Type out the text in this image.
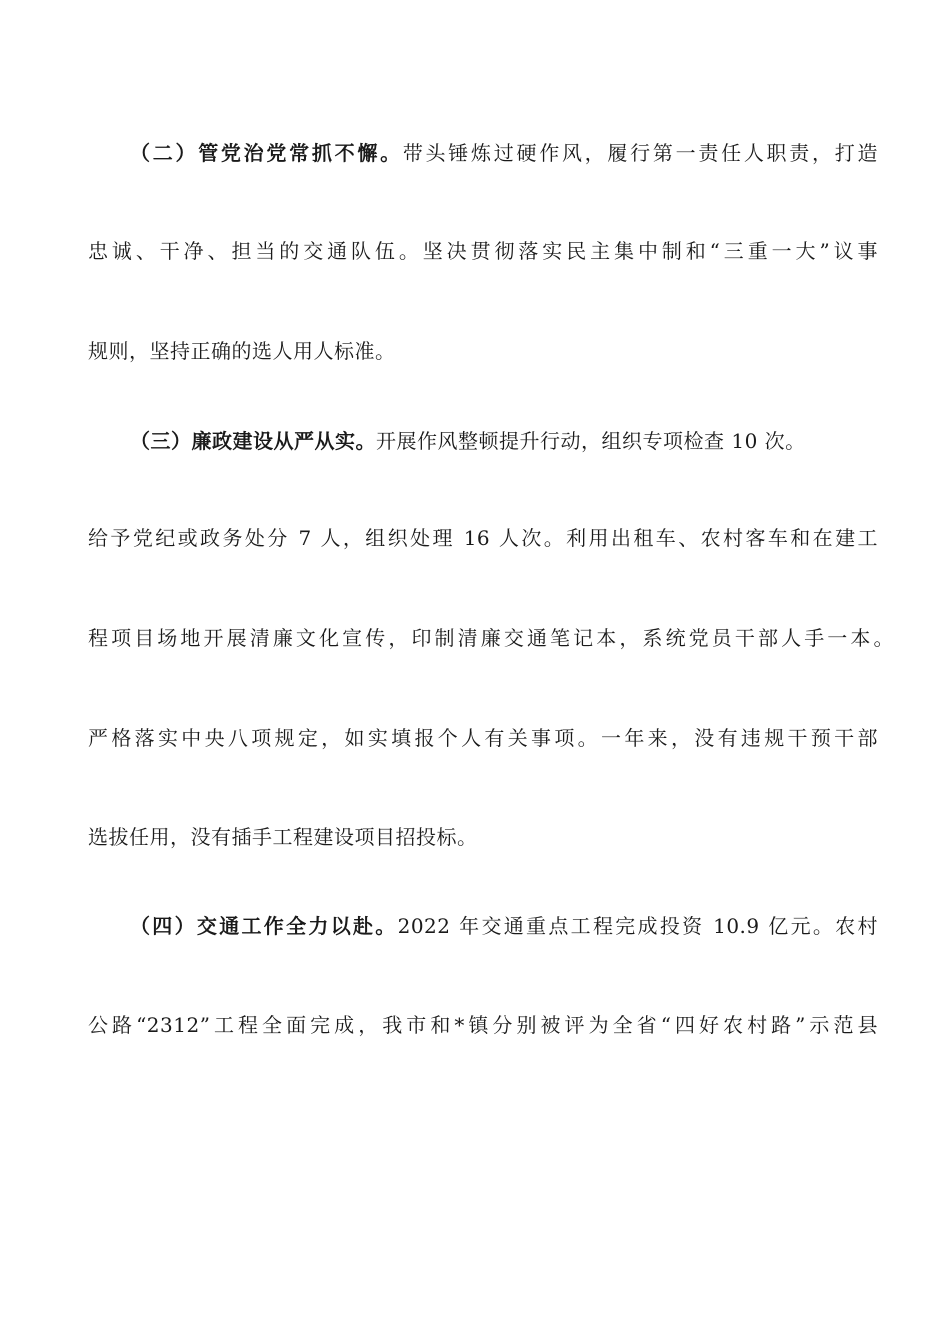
（二）管党治党常抓不懈。带头锤炼过硬作风，履行第一责任人职责，打造
忠诚、干净、担当的交通队伍。坚决贯彻落实民主集中制和“三重一大”议事
规则，坚持正确的选人用人标准。
（三）廉政建设从严从实。开展作风整顿提升行动，组织专项检查 10 次。
给予党纪或政务处分 7 人，组织处理 16 人次。利用出租车、农村客车和在建工
程项目场地开展清廉文化宣传，印制清廉交通笔记本，系统党员干部人手一本。
严格落实中央八项规定，如实填报个人有关事项。一年来，没有违规干预干部
选拔任用，没有插手工程建设项目招投标。
（四）交通工作全力以赴。2022 年交通重点工程完成投资 10.9 亿元。农村
公路“2312”工程全面完成，我市和*镇分别被评为全省“四好农村路”示范县
